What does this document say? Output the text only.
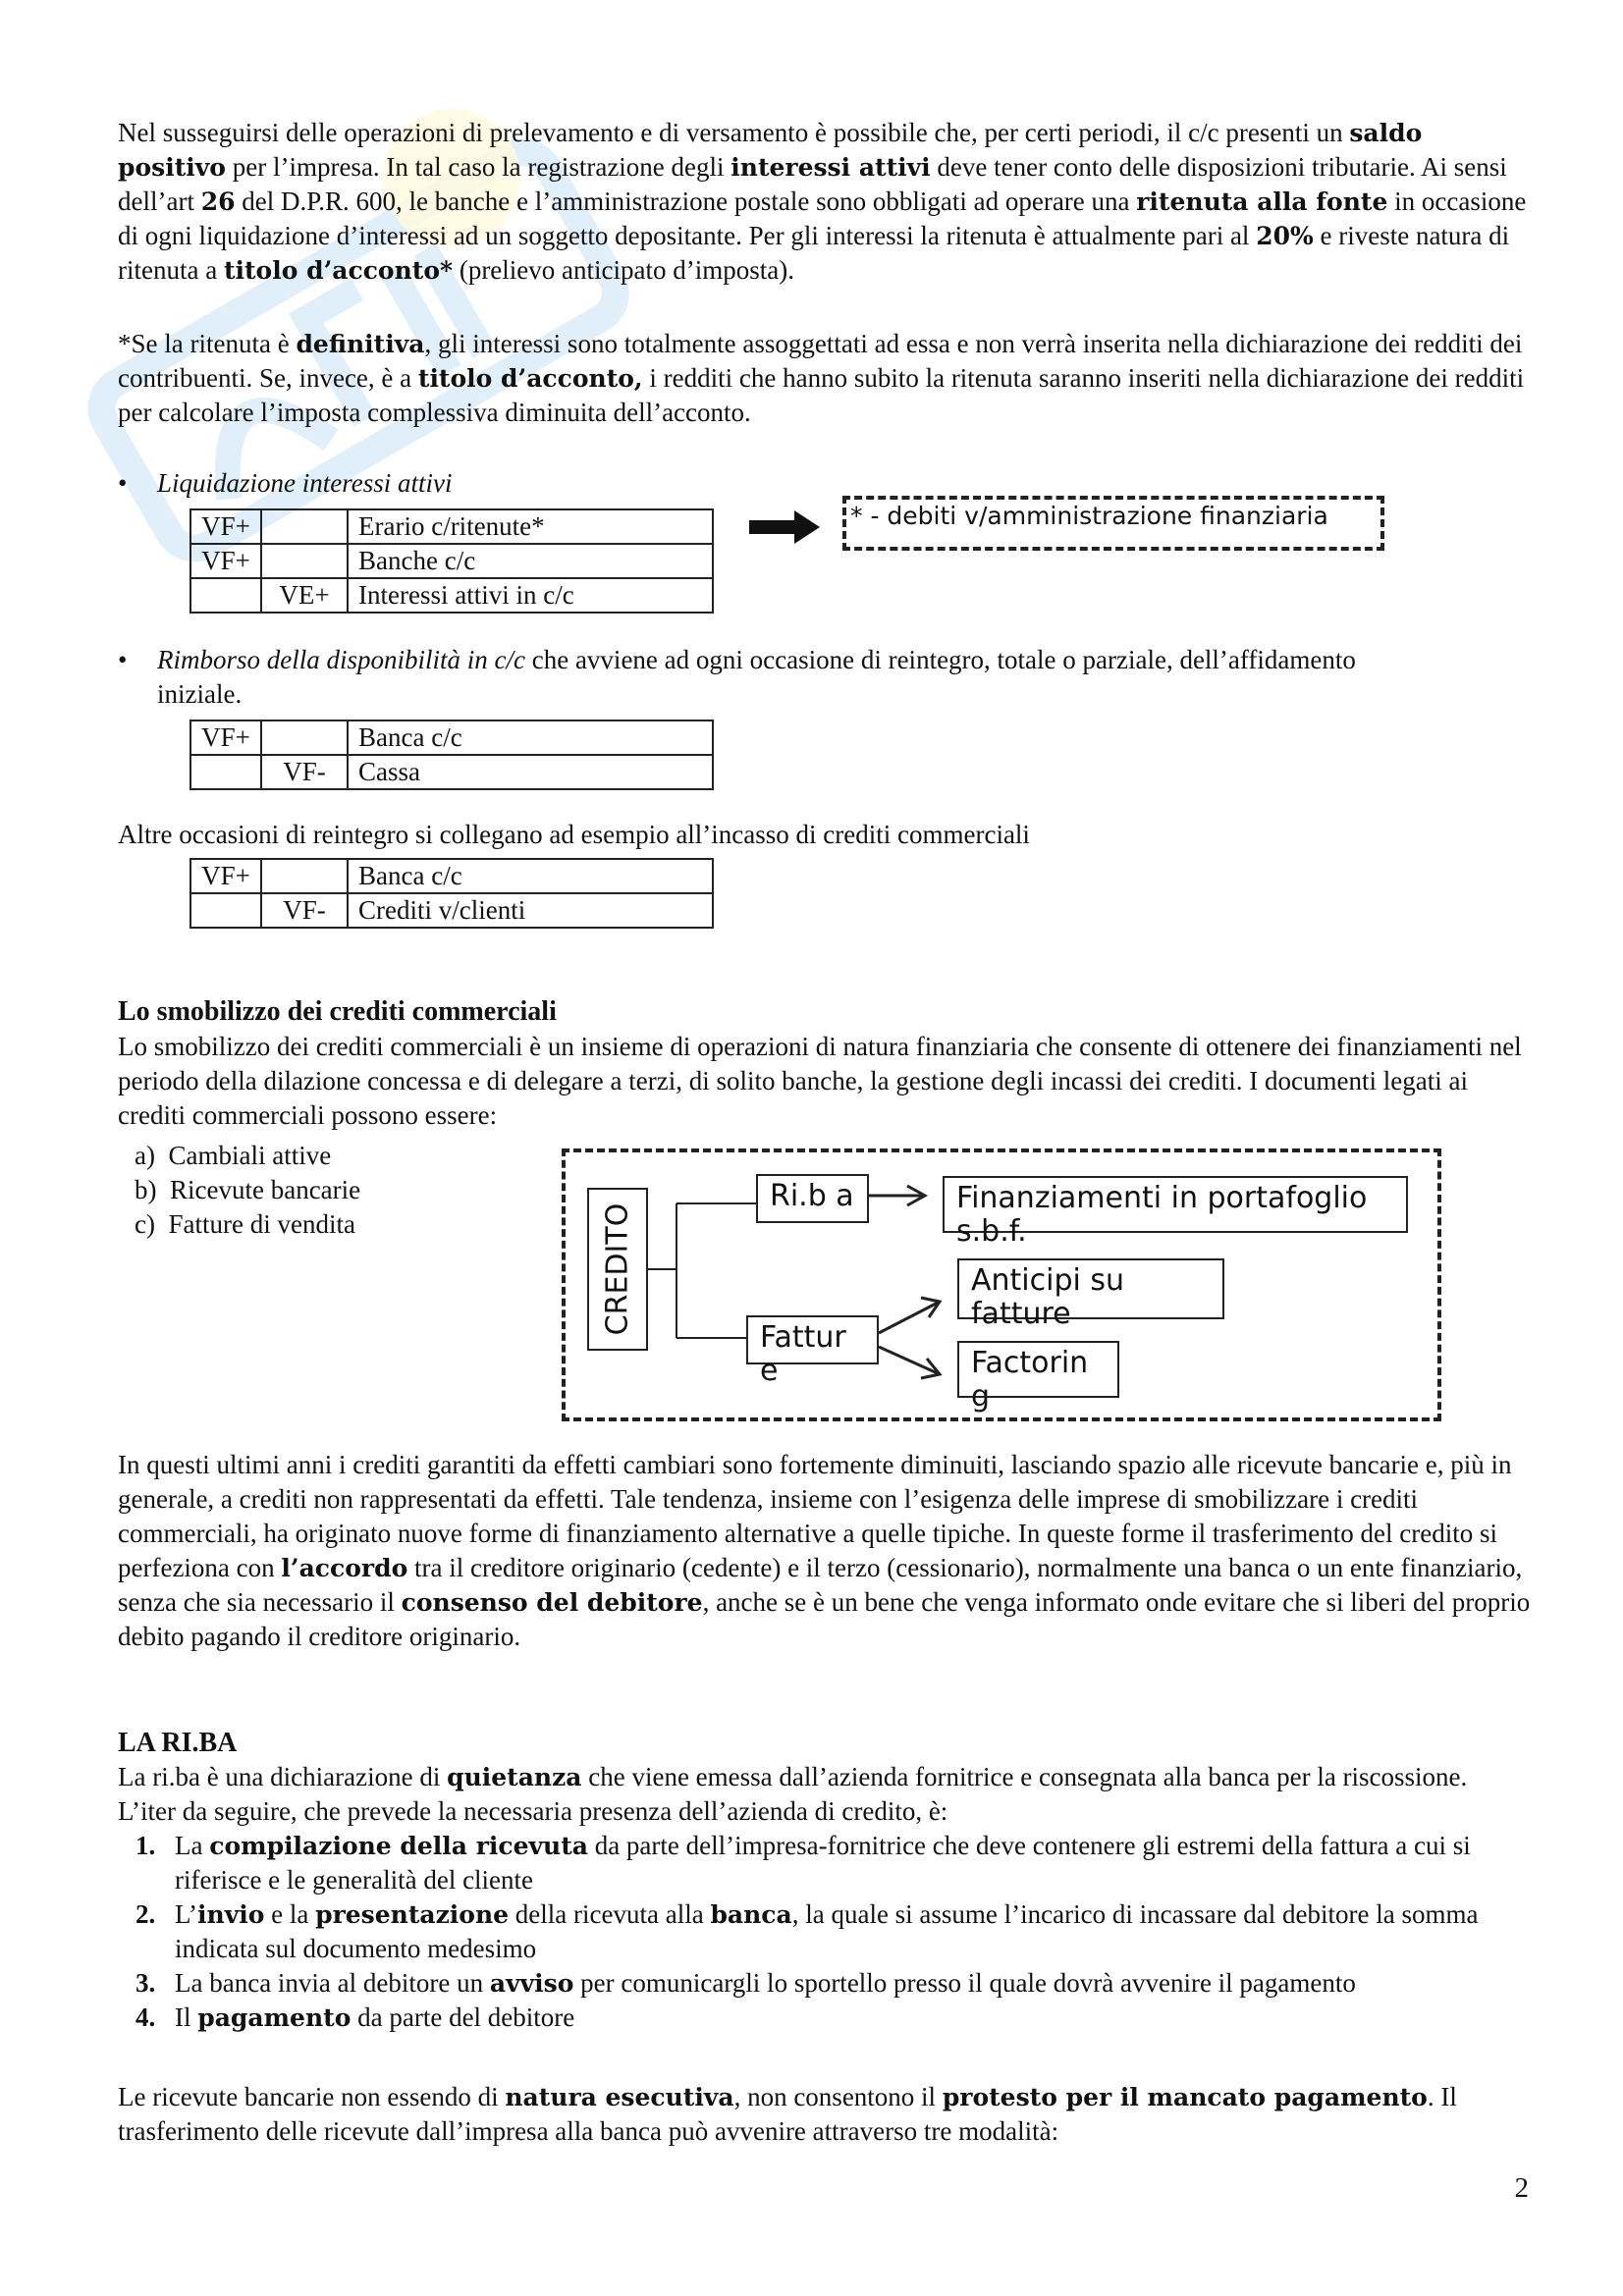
Nel susseguirsi delle operazioni di prelevamento e di versamento è possibile che, per certi periodi, il c/c presenti un saldo positivo per l’impresa. In tal caso la registrazione degli interessi attivi deve tener conto delle disposizioni tributarie. Ai sensi dell’art 26 del D.P.R. 600, le banche e l’amministrazione postale sono obbligati ad operare una ritenuta alla fonte in occasione di ogni liquidazione d’interessi ad un soggetto depositante. Per gli interessi la ritenuta è attualmente pari al 20% e riveste natura di ritenuta a titolo d’acconto* (prelievo anticipato d’imposta).

*Se la ritenuta è definitiva, gli interessi sono totalmente assoggettati ad essa e non verrà inserita nella dichiarazione dei redditi dei contribuenti. Se, invece, è a titolo d’acconto, i redditi che hanno subito la ritenuta saranno inseriti nella dichiarazione dei redditi per calcolare l’imposta complessiva diminuita dell’acconto.

•	Liquidazione interessi attivi
VF+		Erario c/ritenute*
VF+		Banche c/c
	VE+	Interessi attivi in c/c
* - debiti v/amministrazione finanziaria
•	Rimborso della disponibilità in c/c che avviene ad ogni occasione di reintegro, totale o parziale, dell’affidamento iniziale.
VF+		Banca c/c
	VF-	Cassa

Altre occasioni di reintegro si collegano ad esempio all’incasso di crediti commerciali

VF+		Banca c/c
	VF-	Crediti v/clienti
Lo smobilizzo dei crediti commerciali

Lo smobilizzo dei crediti commerciali è un insieme di operazioni di natura finanziaria che consente di ottenere dei finanziamenti nel periodo della dilazione concessa e di delegare a terzi, di solito banche, la gestione degli incassi dei crediti. I documenti legati ai crediti commerciali possono essere:

a)  Cambiali attive
b)  Ricevute bancarie
c)  Fatture di vendita	CREDITO
Ri.b a
Fattur e
Finanziamenti in portafoglio s.b.f.
Anticipi su fatture
Factorin g

In questi ultimi anni i crediti garantiti da effetti cambiari sono fortemente diminuiti, lasciando spazio alle ricevute bancarie e, più in generale, a crediti non rappresentati da effetti. Tale tendenza, insieme con l’esigenza delle imprese di smobilizzare i crediti commerciali, ha originato nuove forme di finanziamento alternative a quelle tipiche. In queste forme il trasferimento del credito si perfeziona con l’accordo tra il creditore originario (cedente) e il terzo (cessionario), normalmente una banca o un ente finanziario, senza che sia necessario il consenso del debitore, anche se è un bene che venga informato onde evitare che si liberi del proprio debito pagando il creditore originario.

LA RI.BA

La ri.ba è una dichiarazione di quietanza che viene emessa dall’azienda fornitrice e consegnata alla banca per la riscossione. L’iter da seguire, che prevede la necessaria presenza dell’azienda di credito, è:

1. La compilazione della ricevuta da parte dell’impresa-fornitrice che deve contenere gli estremi della fattura a cui si riferisce e le generalità del cliente
2. L’invio e la presentazione della ricevuta alla banca, la quale si assume l’incarico di incassare dal debitore la somma indicata sul documento medesimo
3. La banca invia al debitore un avviso per comunicargli lo sportello presso il quale dovrà avvenire il pagamento
4. Il pagamento da parte del debitore

Le ricevute bancarie non essendo di natura esecutiva, non consentono il protesto per il mancato pagamento. Il trasferimento delle ricevute dall’impresa alla banca può avvenire attraverso tre modalità:

2
